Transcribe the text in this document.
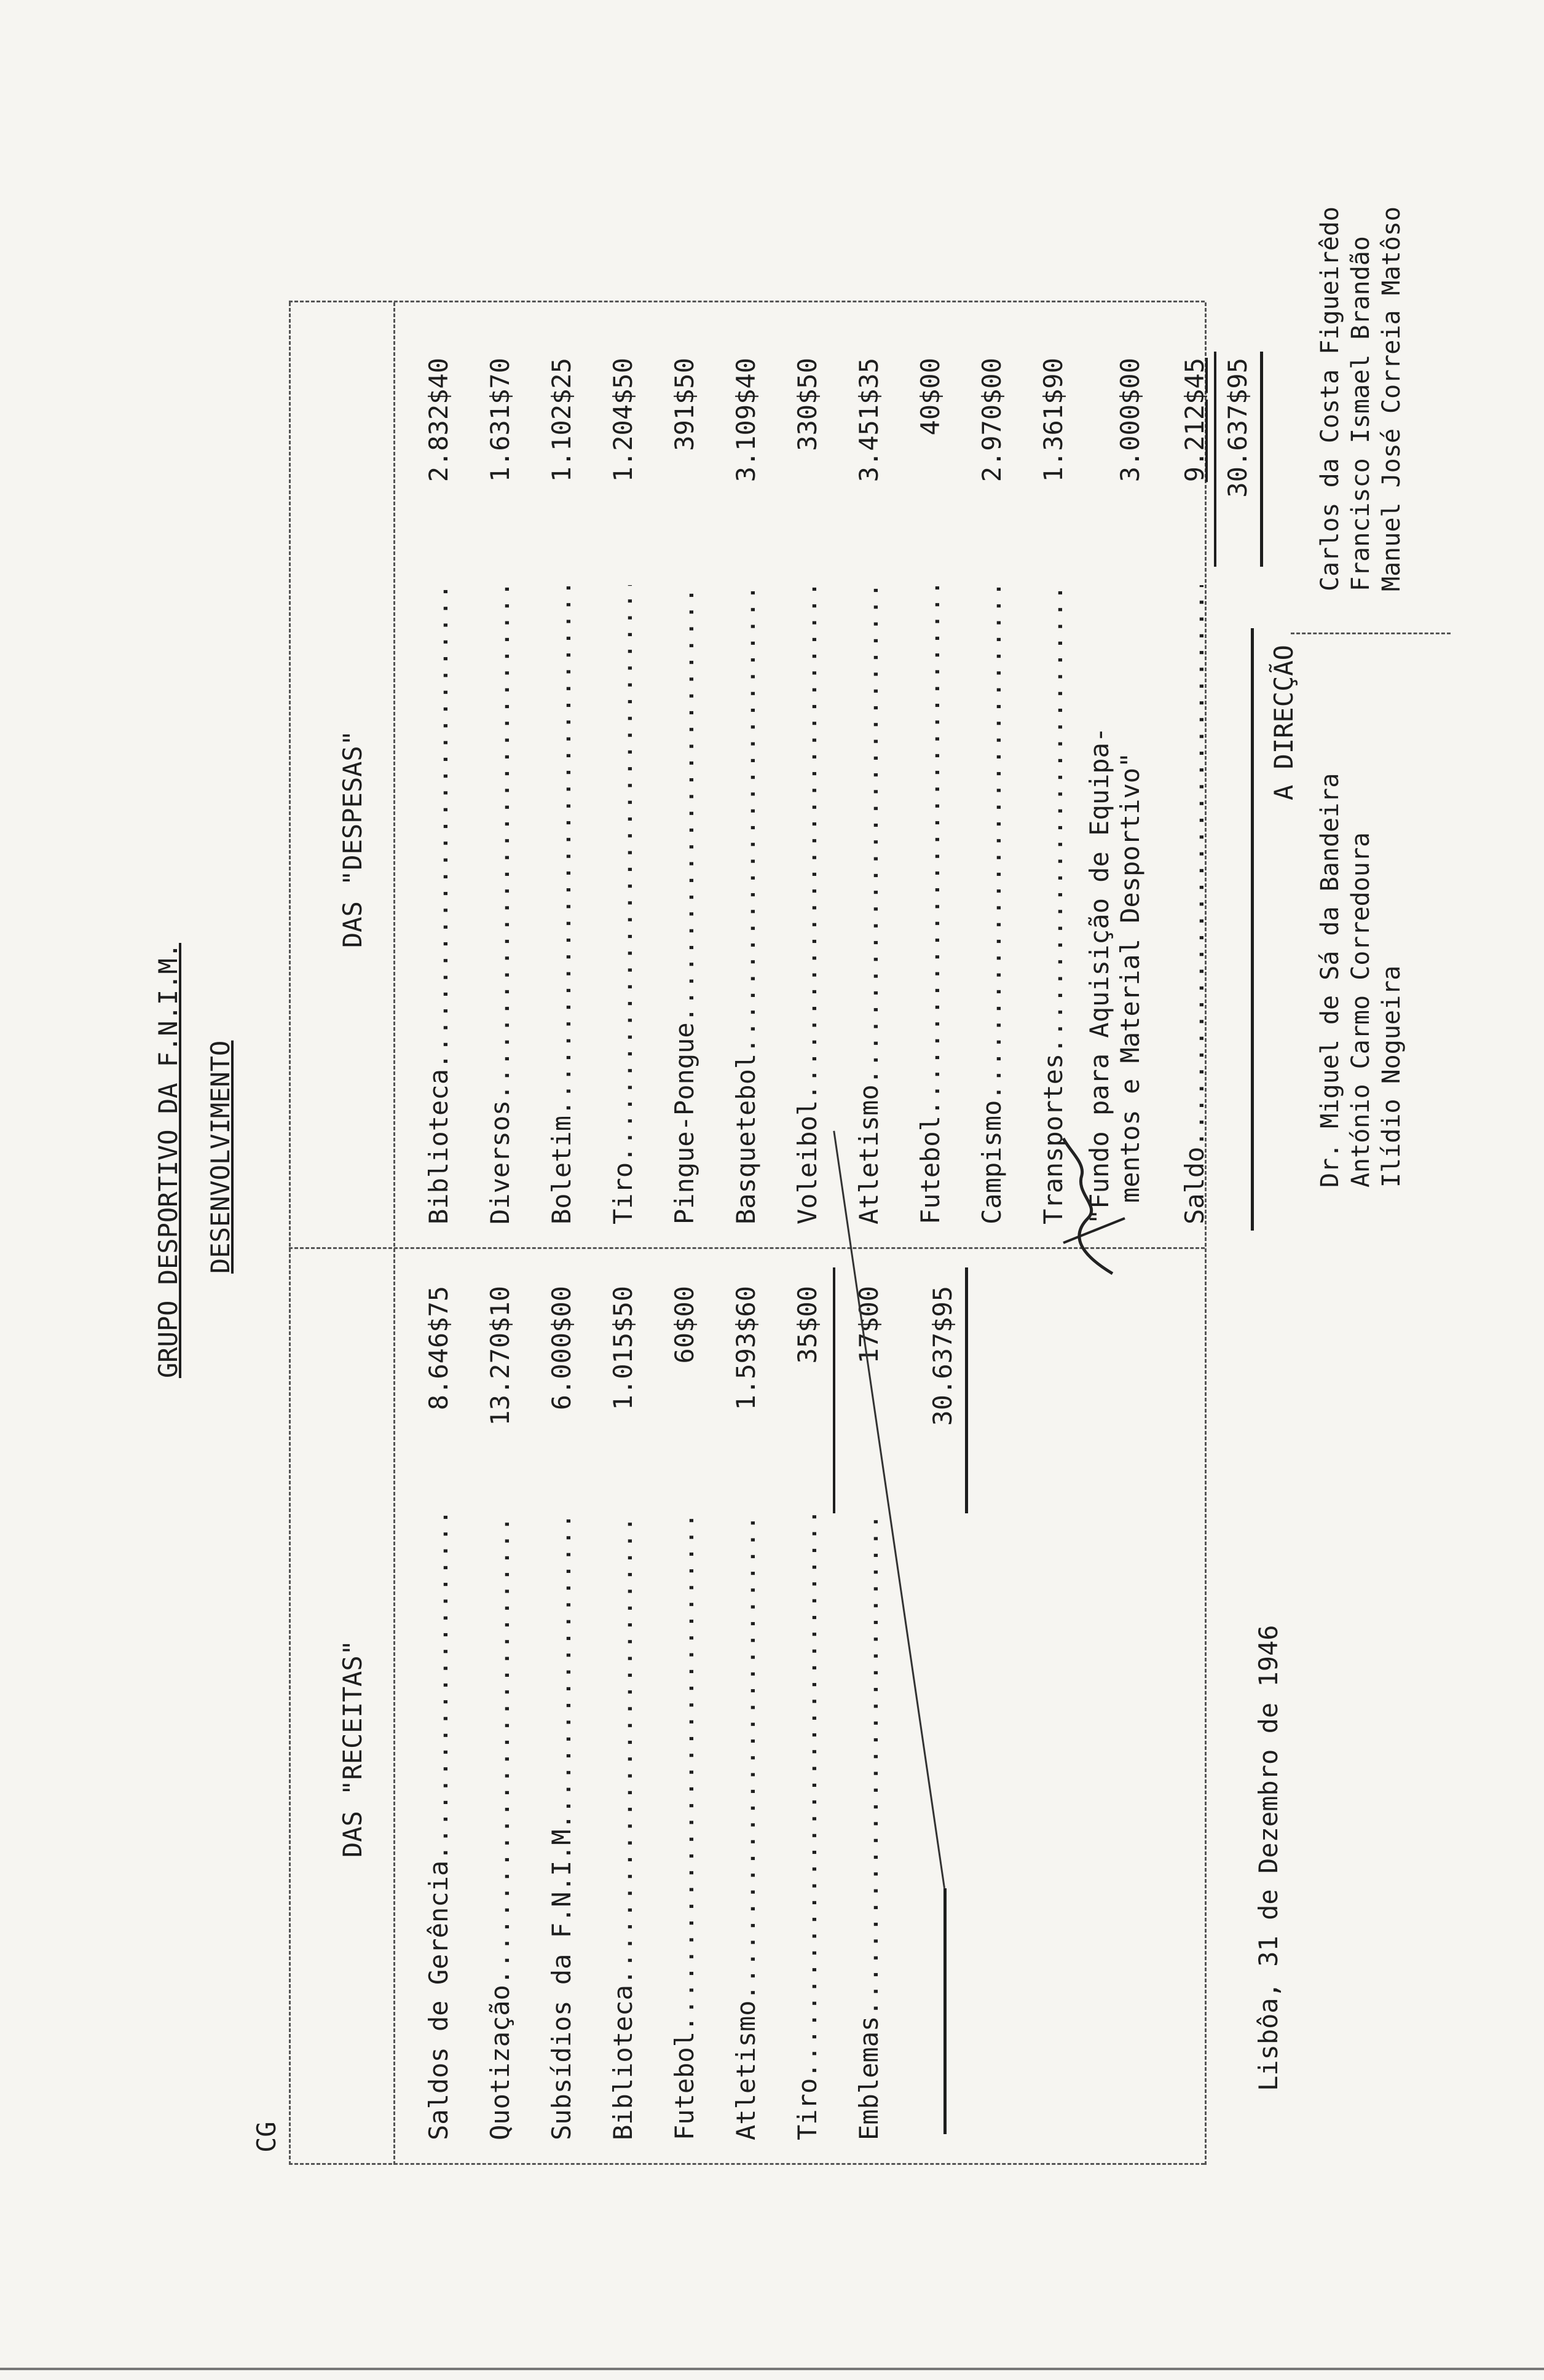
CG
GRUPO DESPORTIVO DA F.N.I.M. DESENVOLVIMENTO
DAS "RECEITAS"
Saldos de Gerência
.....
8.646$75
Quotização
.....
13.270$10
Subsídios da F.N.I.M.
.....
6.000$00
Biblioteca
.....
1.015$50
Futebol
.....
60$00
Atletismo
.....
1.593$60
Tiro
.....
35$00
Emblemas
.....
17$00 30.637$95
DAS "DESPESAS"
Biblioteca
.....
2.832$40
Diversos
.....
1.631$70
Boletim
.....
1.102$25
Tiro
.....
1.204$50
Pingue-Pongue
.....
391$50
Basquetebol
.....
3.109$40
Voleibol
.....
330$50
Atletismo
.....
3.451$35
Futebol
.....
40$00
Campismo
.....
2.970$00
Transportes
.....
1.361$90
"Fundo para Aquisição de Equipa- mentos e Material Desportivo"
3.000$00
Saldo
.....
9.212$45 30.637$95
Lisbôa, 31 de Dezembro de 1946
A DIRECÇÃO
Dr. Miguel de Sá da Bandeira António Carmo Corredoura Ilídio Nogueira
Carlos da Costa Figueirêdo Francisco Ismael Brandão Manuel José Correia Matôso
